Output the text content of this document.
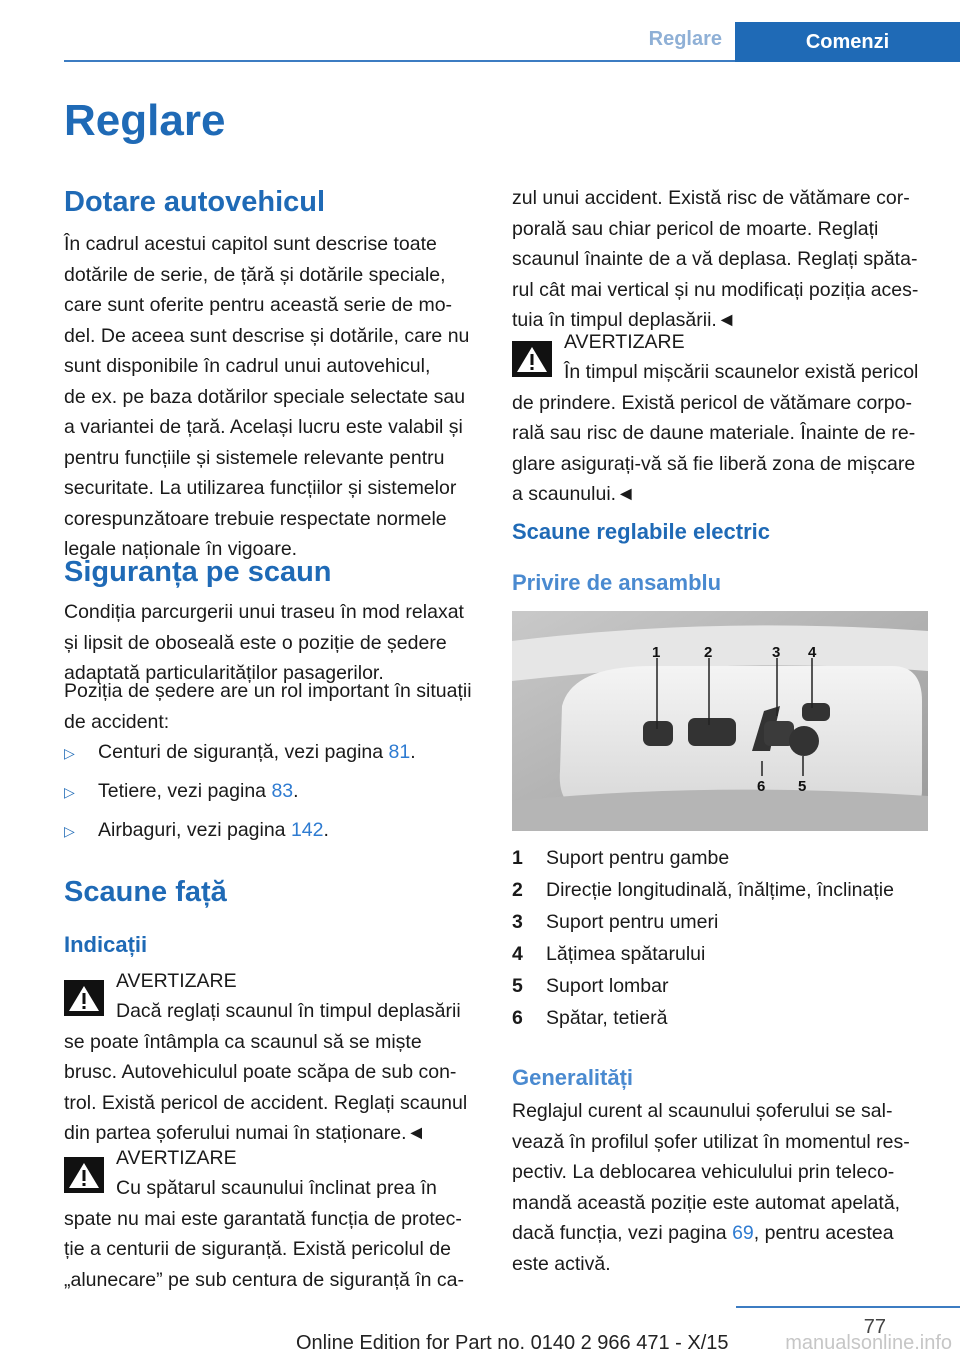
Reglare	Comenzi
Reglare
Dotare autovehicul

În cadrul acestui capitol sunt descrise toate

dotările de serie, de țără și dotările speciale,

care sunt oferite pentru această serie de mo-

del. De aceea sunt descrise și dotările, care nu

sunt disponibile în cadrul unui autovehicul,

de ex. pe baza dotărilor speciale selectate sau

a variantei de țară. Același lucru este valabil și

pentru funcțiile și sistemele relevante pentru

securitate. La utilizarea funcțiilor și sistemelor

corespunzătoare trebuie respectate normele

legale naționale în vigoare.

Siguranța pe scaun

Condiția parcurgerii unui traseu în mod relaxat

și lipsit de oboseală este o poziție de ședere

adaptată particularităților pasagerilor.

Poziția de ședere are un rol important în situații

de accident:

▷	Centuri de siguranță, vezi pagina 81.
▷	Tetiere, vezi pagina 83.
▷	Airbaguri, vezi pagina 142.
Scaune față
Indicații
AVERTIZARE

Dacă reglați scaunul în timpul deplasării

se poate întâmpla ca scaunul să se miște

brusc. Autovehiculul poate scăpa de sub con-

trol. Există pericol de accident. Reglați scaunul

din partea șoferului numai în staționare.◄

AVERTIZARE

Cu spătarul scaunului înclinat prea în

spate nu mai este garantată funcția de protec-

ție a centurii de siguranță. Există pericolul de

„alunecare” pe sub centura de siguranță în ca-

zul unui accident. Există risc de vătămare cor-

porală sau chiar pericol de moarte. Reglați

scaunul înainte de a vă deplasa. Reglați spăta-

rul cât mai vertical și nu modificați poziția aces-

tuia în timpul deplasării.◄

AVERTIZARE

În timpul mișcării scaunelor există pericol

de prindere. Există pericol de vătămare corpo-

rală sau risc de daune materiale. Înainte de re-

glare asigurați-vă să fie liberă zona de mișcare

a scaunului.◄

Scaune reglabile electric
Privire de ansamblu
1	2	3 4
6 5
1	Suport pentru gambe
2	Direcție longitudinală, înălțime, înclinație
3	Suport pentru umeri
4	Lățimea spătarului
5	Suport lombar
6	Spătar, tetieră
Generalități

Reglajul curent al scaunului șoferului se sal-

vează în profilul șofer utilizat în momentul res-

pectiv. La deblocarea vehiculului prin teleco-

mandă această poziție este automat apelată,

dacă funcția, vezi pagina 69, pentru acestea

este activă.

77
Online Edition for Part no. 0140 2 966 471 - X/15	manualsonline.info
